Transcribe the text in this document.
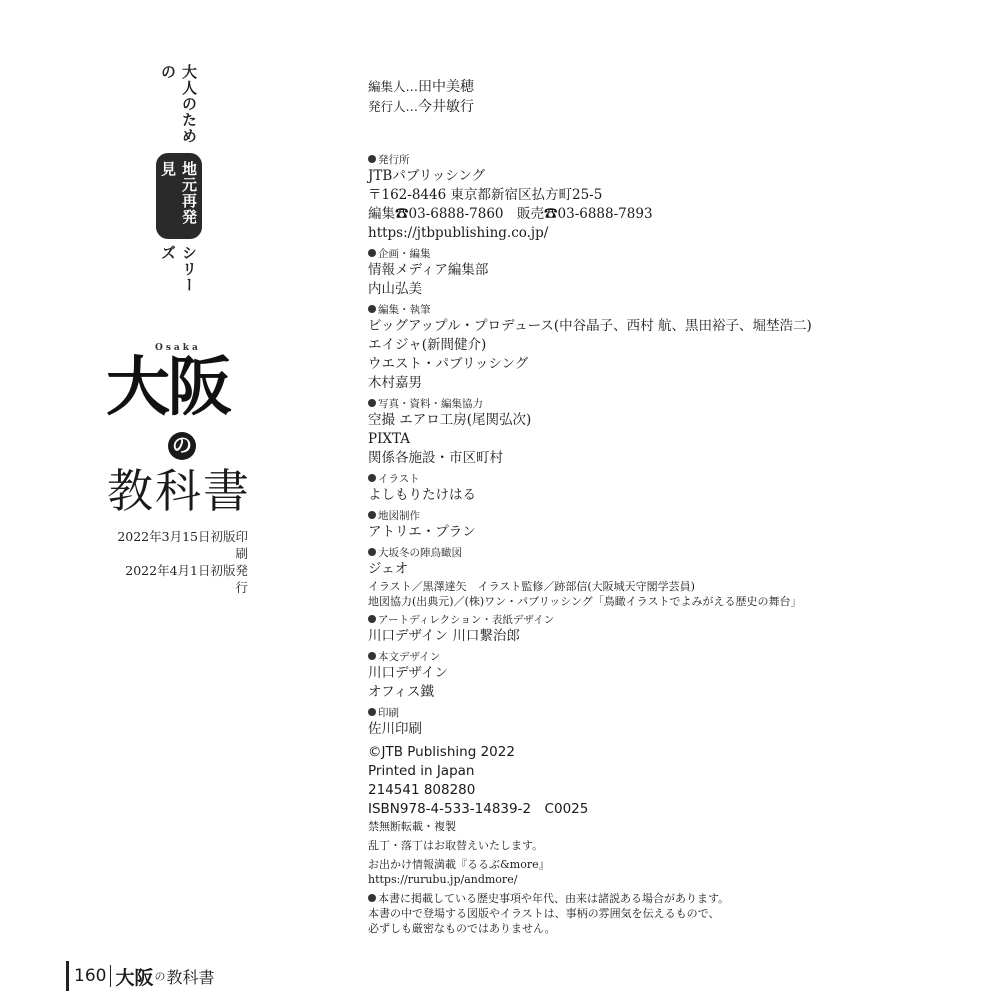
大人のための
地元再発見
シリーズ
Osaka
大阪
の
教科書
2022年3月15日初版印刷
2022年4月1日初版発行
編集人…田中美穂
発行人…今井敏行
発行所
JTBパブリッシング
〒162-8446 東京都新宿区払方町25-5
編集☎03-6888-7860　販売☎03-6888-7893
https://jtbpublishing.co.jp/
企画・編集
情報メディア編集部
内山弘美
編集・執筆
ビッグアップル・プロデュース(中谷晶子、西村 航、黒田裕子、堀埜浩二)
エイジャ(新間健介)
ウエスト・パブリッシング
木村嘉男
写真・資料・編集協力
空撮 エアロ工房(尾関弘次)
PIXTA
関係各施設・市区町村
イラスト
よしもりたけはる
地図制作
アトリエ・プラン
大坂冬の陣鳥瞰図
ジェオ
イラスト／黒澤達矢　イラスト監修／跡部信(大阪城天守閣学芸員)
地図協力(出典元)／(株)ワン・パブリッシング「鳥瞰イラストでよみがえる歴史の舞台」
アートディレクション・表紙デザイン
川口デザイン 川口繋治郎
本文デザイン
川口デザイン
オフィス鐵
印刷
佐川印刷
©JTB Publishing 2022
Printed in Japan
214541 808280
ISBN978-4-533-14839-2　C0025
禁無断転載・複製
乱丁・落丁はお取替えいたします。
お出かけ情報満載『るるぶ&more』
https://rurubu.jp/andmore/
本書に掲載している歴史事項や年代、由来は諸説ある場合があります。
本書の中で登場する図版やイラストは、事柄の雰囲気を伝えるもので、
必ずしも厳密なものではありません。
160 大阪 の 教科書
